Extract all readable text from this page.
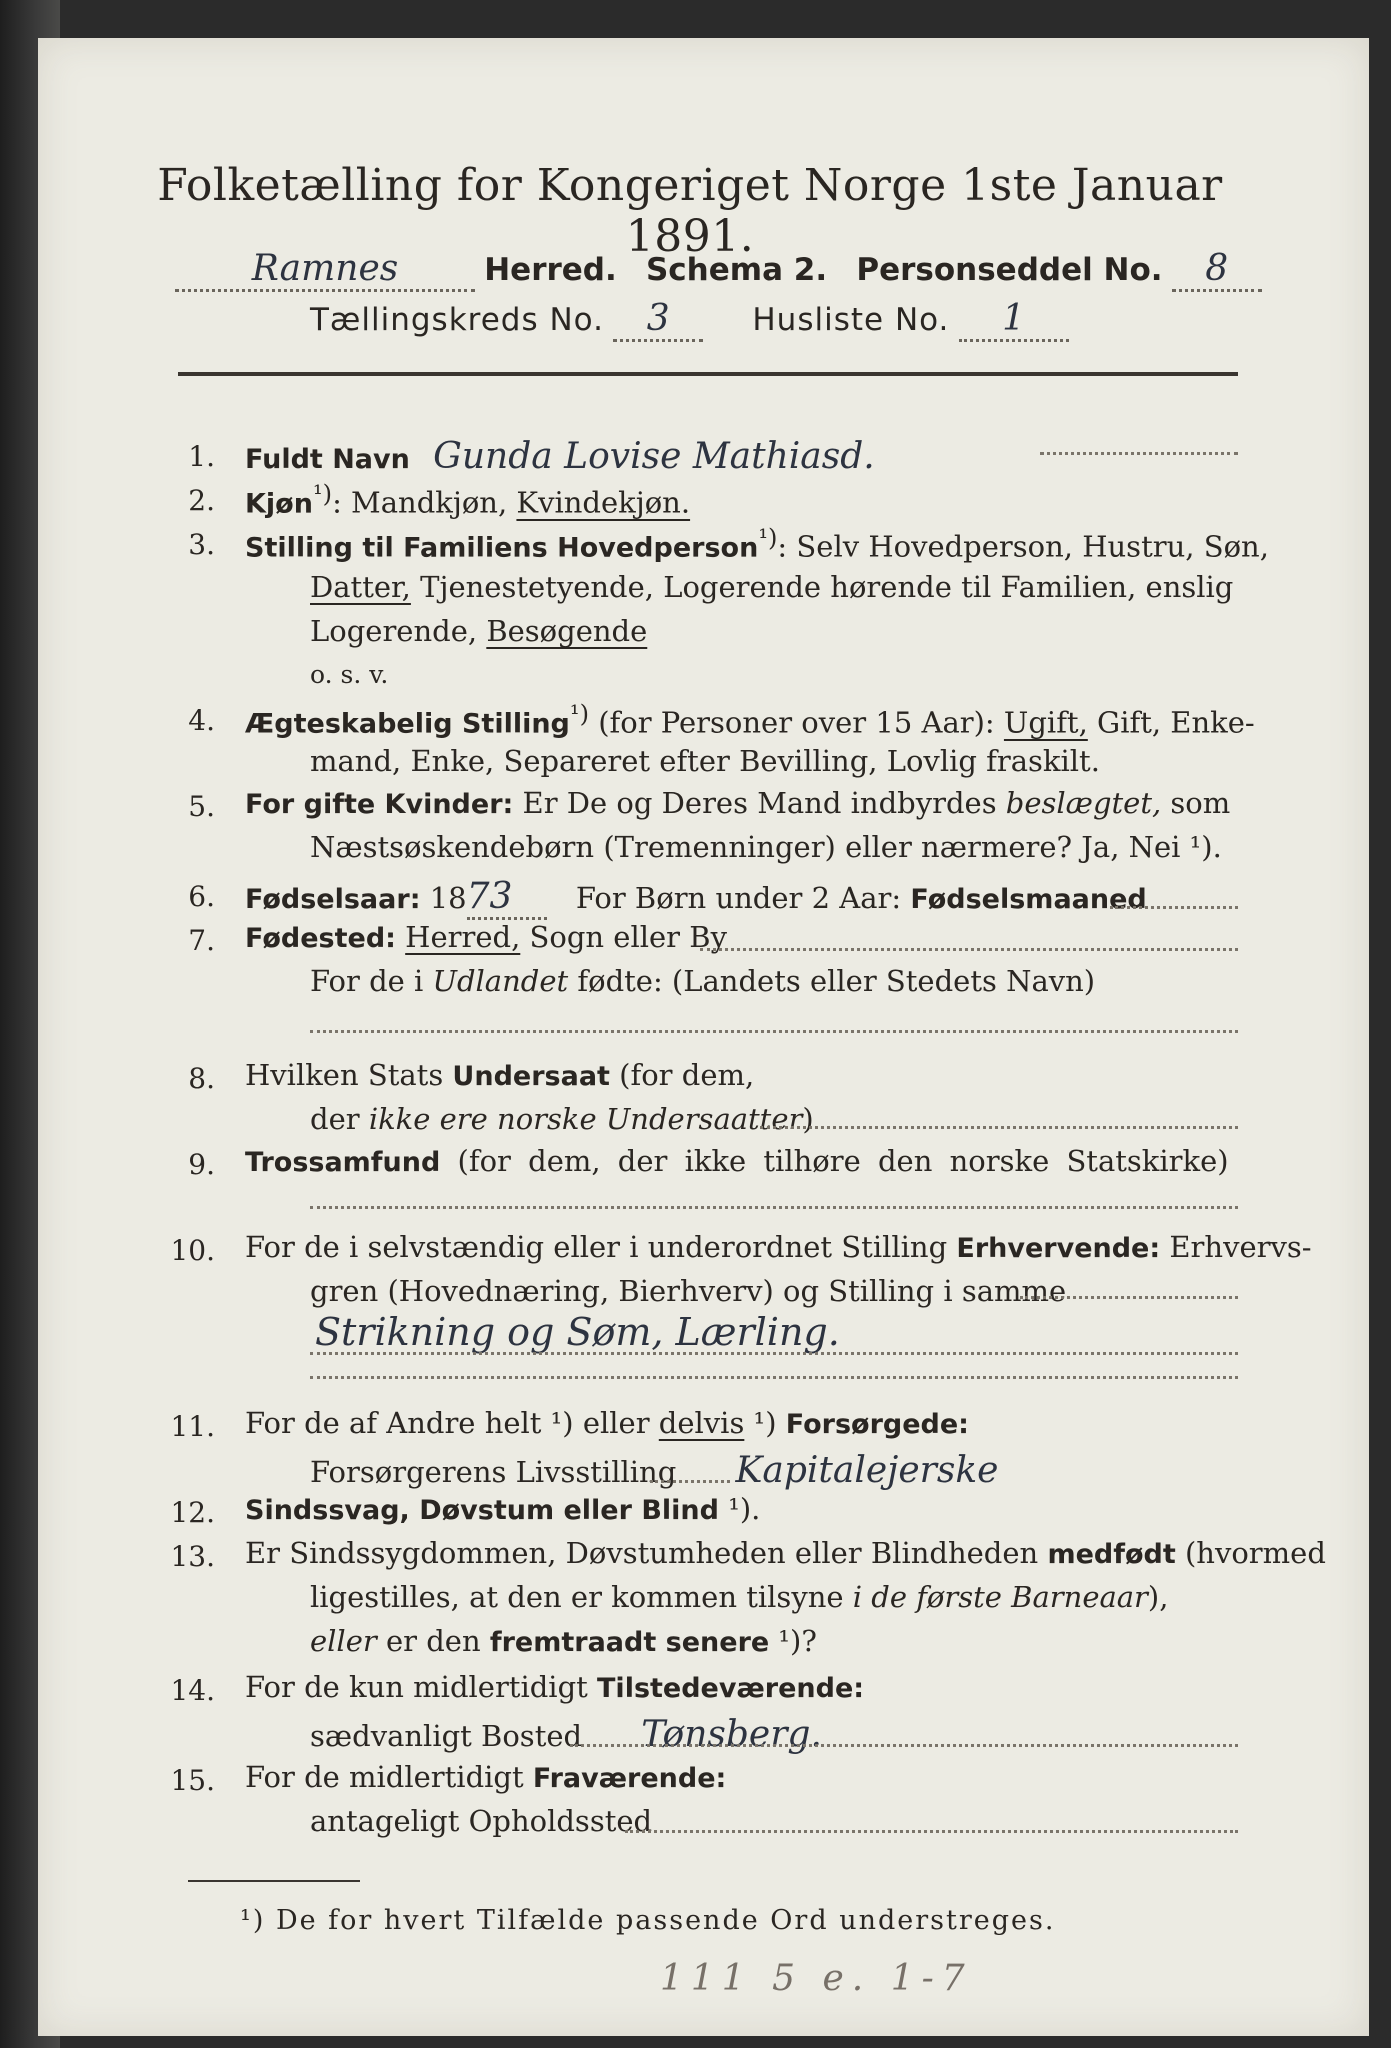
Folketælling for Kongeriget Norge 1ste Januar 1891.
Ramnes	Herred. Schema 2. Personseddel No. 8
Tællingskreds No. 3	Husliste No. 1
1. Fuldt Navn Gunda Lovise Mathiasd.
2. Kjøn$^{^1)}$: Mandkjøn, Kvindekjøn.
3. Stilling til Familiens Hovedperson$^{^1)}$: Selv Hovedperson, Hustru, Søn,
Datter, Tjenestetyende, Logerende hørende til Familien, enslig
Logerende, Besøgende
o. s. v.
4. Ægteskabelig Stilling$^{^1)}$ (for Personer over 15 Aar): Ugift, Gift, Enke-
mand, Enke, Separeret efter Bevilling, Lovlig fraskilt.
5. For gifte Kvinder: Er De og Deres Mand indbyrdes beslægtet, som
Næstsøskendebørn (Tremenninger) eller nærmere? Ja, Nei ¹).
6. Fødselsaar: 1873 For Børn under 2 Aar: Fødselsmaaned
7. Fødested: Herred, Sogn eller By
For de i Udlandet fødte: (Landets eller Stedets Navn)
8. Hvilken Stats Undersaat (for dem,
der ikke ere norske Undersaatter)
9. Trossamfund (for dem, der ikke tilhøre den norske Statskirke)
10. For de i selvstændig eller i underordnet Stilling Erhvervende: Erhvervs-
gren (Hovednæring, Bierhverv) og Stilling i samme
Strikning og Søm, Lærling.
11. For de af Andre helt ¹) eller delvis ¹) Forsørgede:
Forsørgerens Livsstilling Kapitalejerske
12. Sindssvag, Døvstum eller Blind ¹).
13. Er Sindssygdommen, Døvstumheden eller Blindheden medfødt (hvormed
ligestilles, at den er kommen tilsyne i de første Barneaar),
eller er den fremtraadt senere ¹)?
14. For de kun midlertidigt Tilstedeværende:
sædvanligt Bosted Tønsberg.
15. For de midlertidigt Fraværende:
antageligt Opholdssted
¹) De for hvert Tilfælde passende Ord understreges.
111 5 e. 1-7
